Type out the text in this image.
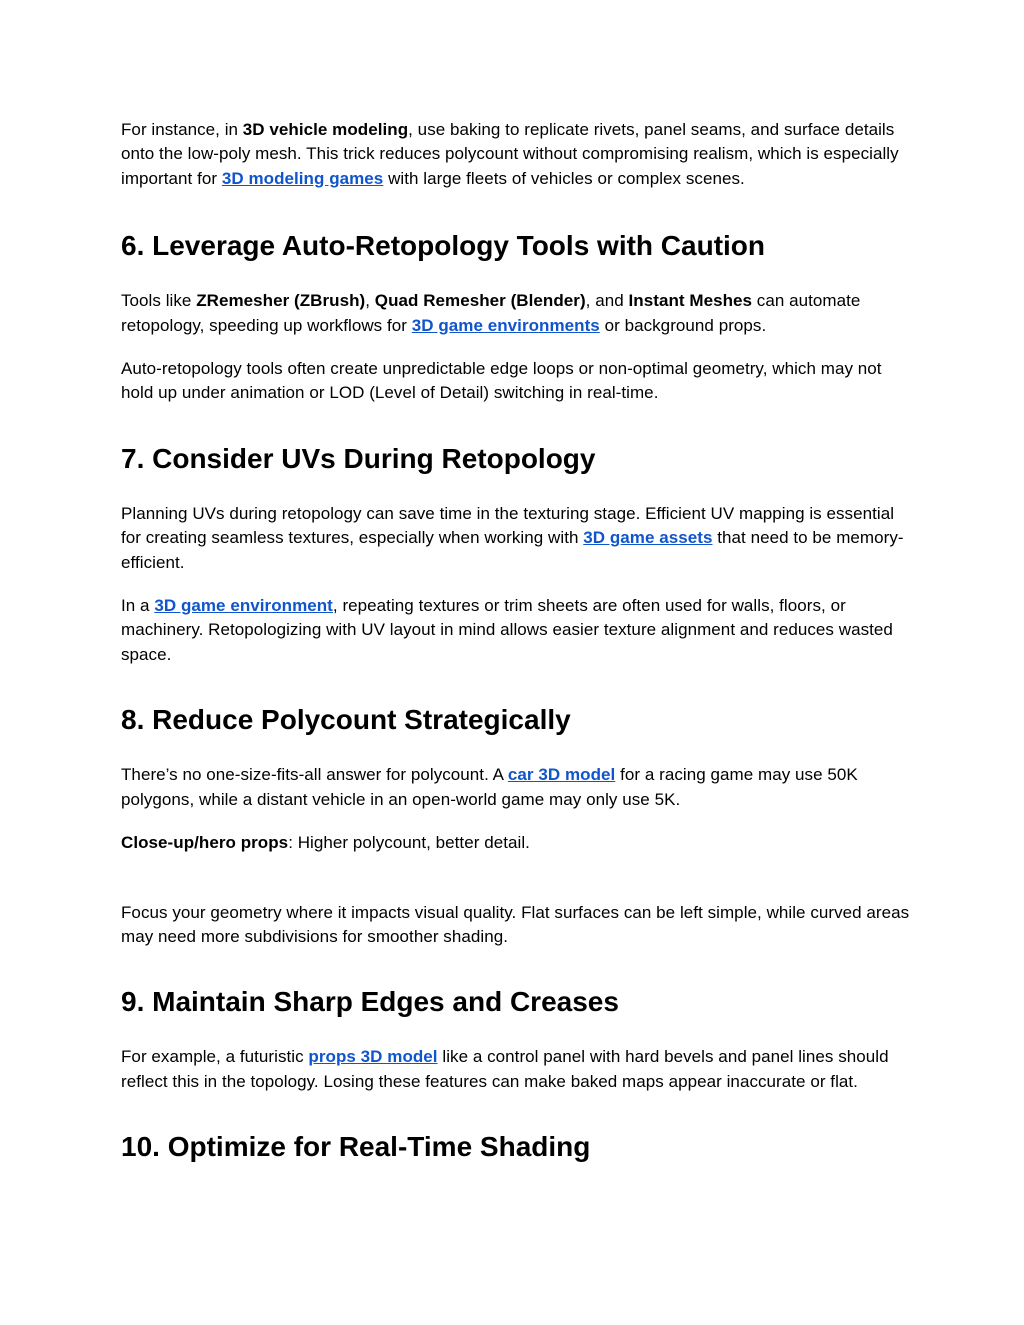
For instance, in 3D vehicle modeling, use baking to replicate rivets, panel seams, and surface details onto the low-poly mesh. This trick reduces polycount without compromising realism, which is especially important for 3D modeling games with large fleets of vehicles or complex scenes.

6. Leverage Auto-Retopology Tools with Caution

Tools like ZRemesher (ZBrush), Quad Remesher (Blender), and Instant Meshes can automate retopology, speeding up workflows for 3D game environments or background props.

Auto-retopology tools often create unpredictable edge loops or non-optimal geometry, which may not hold up under animation or LOD (Level of Detail) switching in real-time.

7. Consider UVs During Retopology

Planning UVs during retopology can save time in the texturing stage. Efficient UV mapping is essential for creating seamless textures, especially when working with 3D game assets that need to be memory-efficient.

In a 3D game environment, repeating textures or trim sheets are often used for walls, floors, or machinery. Retopologizing with UV layout in mind allows easier texture alignment and reduces wasted space.

8. Reduce Polycount Strategically

There’s no one-size-fits-all answer for polycount. A car 3D model for a racing game may use 50K polygons, while a distant vehicle in an open-world game may only use 5K.

Close-up/hero props: Higher polycount, better detail.

Focus your geometry where it impacts visual quality. Flat surfaces can be left simple, while curved areas may need more subdivisions for smoother shading.

9. Maintain Sharp Edges and Creases

For example, a futuristic props 3D model like a control panel with hard bevels and panel lines should reflect this in the topology. Losing these features can make baked maps appear inaccurate or flat.

10. Optimize for Real-Time Shading
